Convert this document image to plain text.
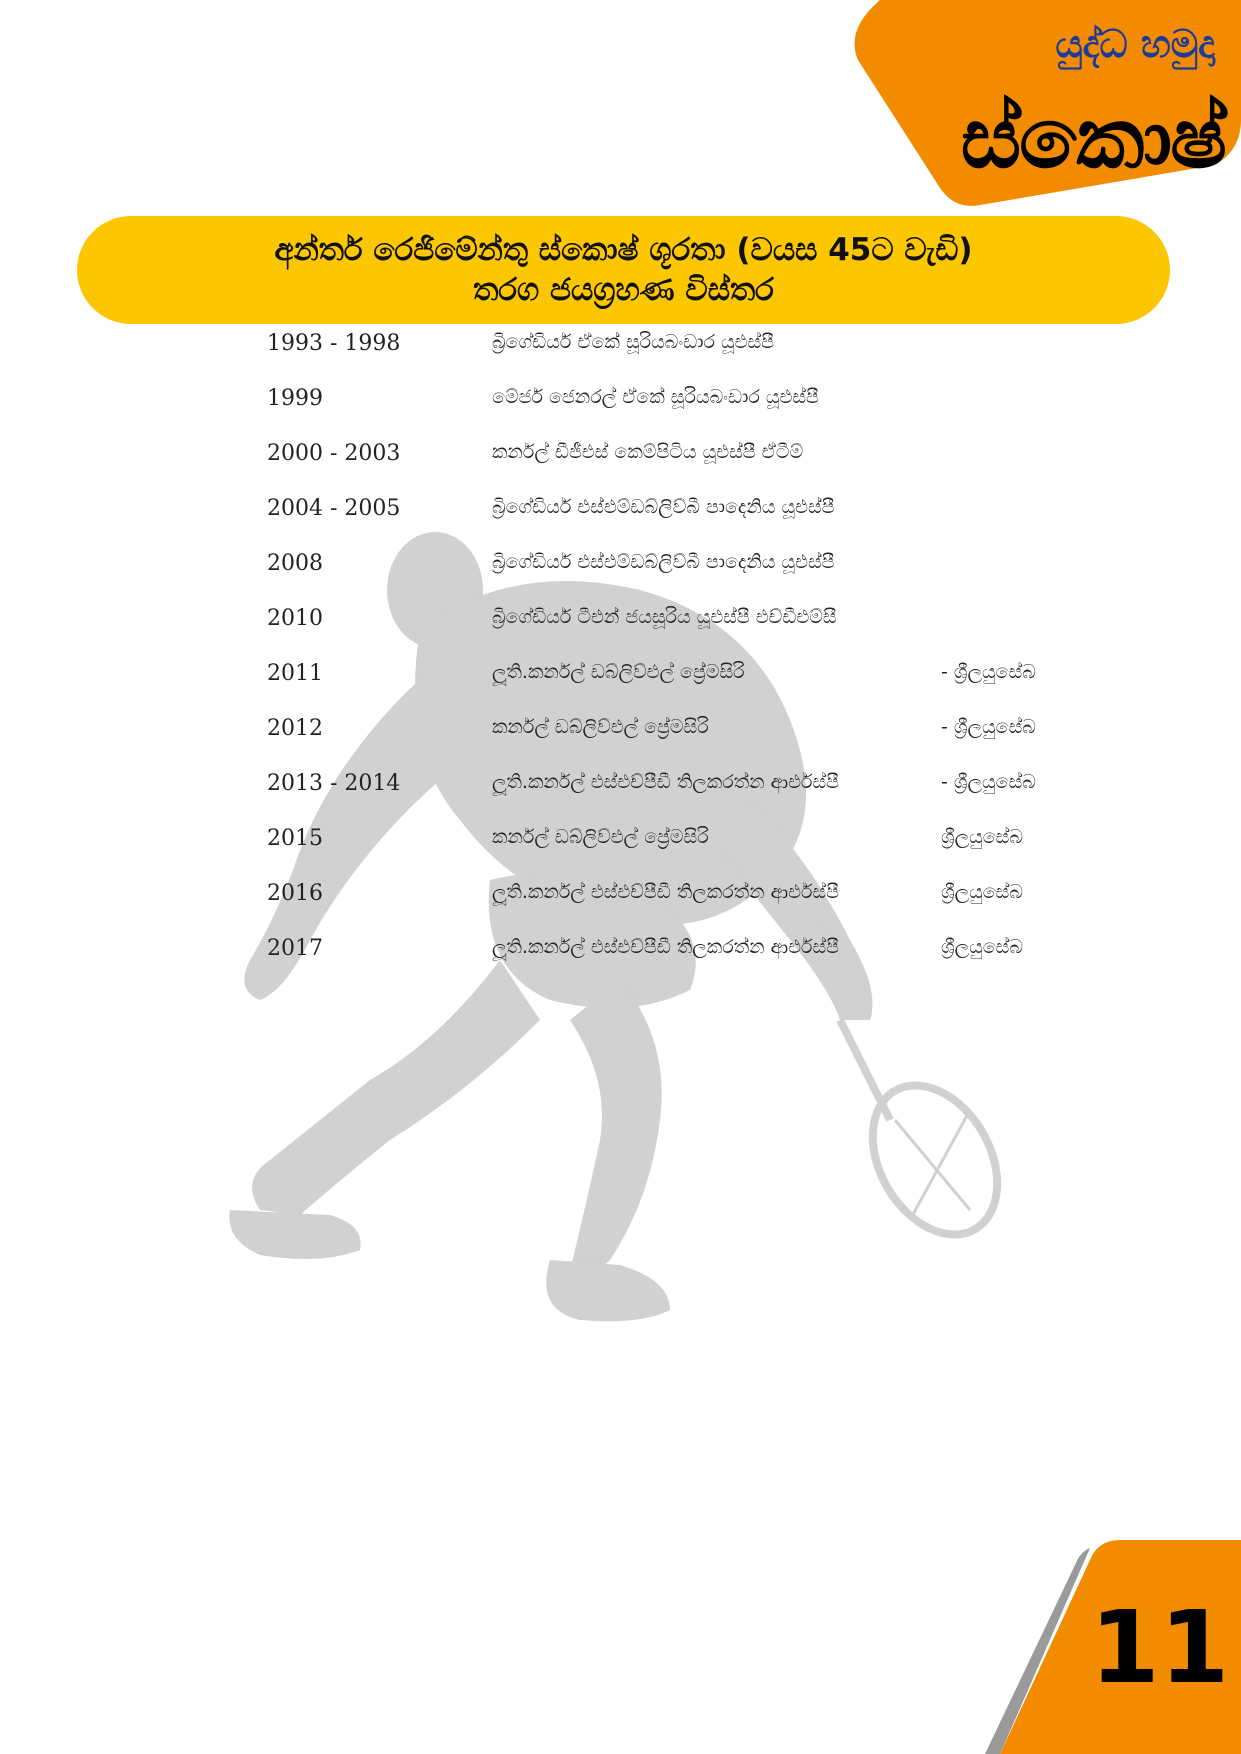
යුද්ධ හමුදා
ස්කොෂ්
අන්තර් රෙජිමේන්තු ස්කොෂ් ශූරතා (වයස 45ට වැඩි)
තරග ජයග්‍රහණ විස්තර
1993 - 1998	බ්‍රිගේඩියර් ඒකේ සූරියබංඩාර යූඑස්පී
1999	මේජර් ජෙනරල් ඒකේ සූරියබංඩාර යූඑස්පී
2000 - 2003	කර්නල් ඩීජීඑස් කෙම්පිටිය යූඑස්පී ඒටීම්
2004 - 2005	බ්‍රිගේඩියර් එස්එම්ඩබ්ලිව්බී පාදෙනිය යූඑස්පී
2008	බ්‍රිගේඩියර් එස්එම්ඩබ්ලිව්බී පාදෙනිය යූඑස්පී
2010	බ්‍රිගේඩියර් ටීඑන් ජයසූරිය යූඑස්පී එච්ඩීඑම්සී
2011	ලූති.කර්නල් ඩබ්ලිව්එල් ප්‍රේමසිරි	- ශ්‍රීලයුසේබ
2012	කර්නල් ඩබ්ලිව්එල් ප්‍රේමසිරි	- ශ්‍රීලයුසේබ
2013 - 2014	ලූති.කර්නල් එස්එච්පීඩී තිලකරත්න ආර්එස්පී	- ශ්‍රීලයුසේබ
2015	කර්නල් ඩබ්ලිව්එල් ප්‍රේමසිරි	ශ්‍රීලයුසේබ
2016	ලූති.කර්නල් එස්එච්පීඩී තිලකරත්න ආර්එස්පී	ශ්‍රීලයුසේබ
2017	ලූති.කර්නල් එස්එච්පීඩී තිලකරත්න ආර්එස්පී	ශ්‍රීලයුසේබ
11
